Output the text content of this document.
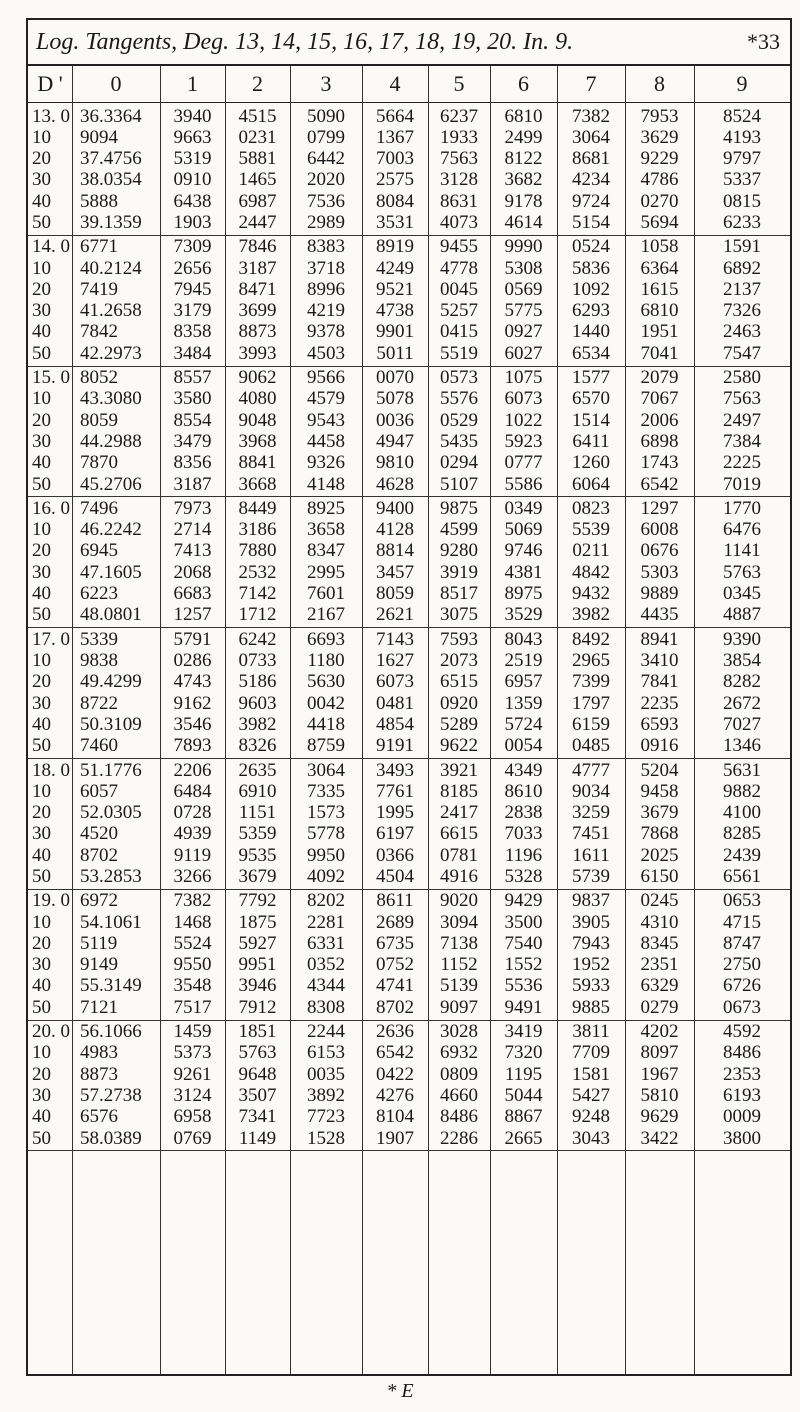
Log. Tangents, Deg. 13, 14, 15, 16, 17, 18, 19, 20. In. 9.	*33
D '	0	1	2	3	4	5	6	7	8	9
13. 0 36.3364	3940	4515	5090	5664	6237	6810	7382	7953	8524
10	9094	9663	0231	0799	1367	1933	2499	3064	3629	4193
20	37.4756	5319	5881	6442	7003	7563	8122	8681	9229	9797
30	38.0354	0910	1465	2020	2575	3128	3682	4234	4786	5337
40	5888	6438	6987	7536	8084	8631	9178	9724	0270	0815
50	39.1359	1903	2447	2989	3531	4073	4614	5154	5694	6233
14. 0 6771	7309	7846	8383	8919	9455	9990	0524	1058	1591
10	40.2124	2656	3187	3718	4249	4778	5308	5836	6364	6892
20	7419	7945	8471	8996	9521	0045	0569	1092	1615	2137
30	41.2658	3179	3699	4219	4738	5257	5775	6293	6810	7326
40	7842	8358	8873	9378	9901	0415	0927	1440	1951	2463
50	42.2973	3484	3993	4503	5011	5519	6027	6534	7041	7547
15. 0 8052	8557	9062	9566	0070	0573	1075	1577	2079	2580
10	43.3080	3580	4080	4579	5078	5576	6073	6570	7067	7563
20	8059	8554	9048	9543	0036	0529	1022	1514	2006	2497
30	44.2988	3479	3968	4458	4947	5435	5923	6411	6898	7384
40	7870	8356	8841	9326	9810	0294	0777	1260	1743	2225
50	45.2706	3187	3668	4148	4628	5107	5586	6064	6542	7019
16. 0 7496	7973	8449	8925	9400	9875	0349	0823	1297	1770
10	46.2242	2714	3186	3658	4128	4599	5069	5539	6008	6476
20	6945	7413	7880	8347	8814	9280	9746	0211	0676	1141
30	47.1605	2068	2532	2995	3457	3919	4381	4842	5303	5763
40	6223	6683	7142	7601	8059	8517	8975	9432	9889	0345
50	48.0801	1257	1712	2167	2621	3075	3529	3982	4435	4887
17. 0 5339	5791	6242	6693	7143	7593	8043	8492	8941	9390
10	9838	0286	0733	1180	1627	2073	2519	2965	3410	3854
20	49.4299	4743	5186	5630	6073	6515	6957	7399	7841	8282
30	8722	9162	9603	0042	0481	0920	1359	1797	2235	2672
40	50.3109	3546	3982	4418	4854	5289	5724	6159	6593	7027
50	7460	7893	8326	8759	9191	9622	0054	0485	0916	1346
18. 0 51.1776	2206	2635	3064	3493	3921	4349	4777	5204	5631
10	6057	6484	6910	7335	7761	8185	8610	9034	9458	9882
20	52.0305	0728	1151	1573	1995	2417	2838	3259	3679	4100
30	4520	4939	5359	5778	6197	6615	7033	7451	7868	8285
40	8702	9119	9535	9950	0366	0781	1196	1611	2025	2439
50	53.2853	3266	3679	4092	4504	4916	5328	5739	6150	6561
19. 0 6972	7382	7792	8202	8611	9020	9429	9837	0245	0653
10	54.1061	1468	1875	2281	2689	3094	3500	3905	4310	4715
20	5119	5524	5927	6331	6735	7138	7540	7943	8345	8747
30	9149	9550	9951	0352	0752	1152	1552	1952	2351	2750
40	55.3149	3548	3946	4344	4741	5139	5536	5933	6329	6726
50	7121	7517	7912	8308	8702	9097	9491	9885	0279	0673
20. 0 56.1066	1459	1851	2244	2636	3028	3419	3811	4202	4592
10	4983	5373	5763	6153	6542	6932	7320	7709	8097	8486
20	8873	9261	9648	0035	0422	0809	1195	1581	1967	2353
30	57.2738	3124	3507	3892	4276	4660	5044	5427	5810	6193
40	6576	6958	7341	7723	8104	8486	8867	9248	9629	0009
50	58.0389	0769	1149	1528	1907	2286	2665	3043	3422	3800
* E
